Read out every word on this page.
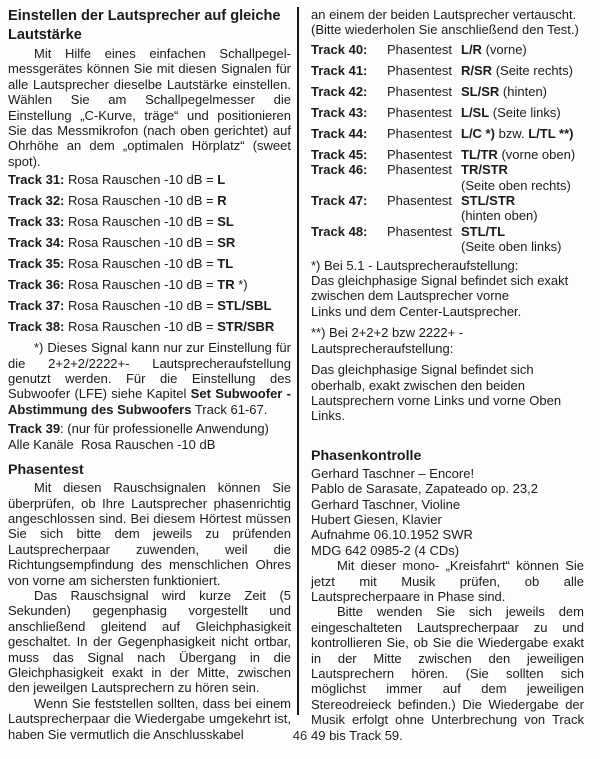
Einstellen der Lautsprecher auf gleiche
Lautstärke

Mit Hilfe eines einfachen Schallpegelmessgerätes können Sie mit diesen Signalen für alle Lautsprecher dieselbe Lautstärke einstellen. Wählen Sie am Schallpegelmesser die Einstellung „C-Kurve, träge“ und positionieren Sie das Messmikrofon (nach oben gerichtet) auf Ohrhöhe an dem „optimalen Hörplatz“ (sweet spot).

Track 31: Rosa Rauschen -10 dB = L
Track 32: Rosa Rauschen -10 dB = R
Track 33: Rosa Rauschen -10 dB = SL
Track 34: Rosa Rauschen -10 dB = SR
Track 35: Rosa Rauschen -10 dB = TL
Track 36: Rosa Rauschen -10 dB = TR *)
Track 37: Rosa Rauschen -10 dB = STL/SBL
Track 38: Rosa Rauschen -10 dB = STR/SBR

*) Dieses Signal kann nur zur Einstellung für die 2+2+2/2222+- Lautsprecheraufstellung genutzt werden. Für die Einstellung des Subwoofer (LFE) siehe Kapitel Set Subwoofer - Abstimmung des Subwoofers Track 61-67.

Track 39: (nur für professionelle Anwendung)
Alle Kanäle  Rosa Rauschen -10 dB
Phasentest

Mit diesen Rauschsignalen können Sie überprüfen, ob Ihre Lautsprecher phasenrichtig angeschlossen sind. Bei diesem Hörtest müssen Sie sich bitte dem jeweils zu prüfenden Lautsprecherpaar zuwenden, weil die Richtungsempfindung des menschlichen Ohres von vorne am sichersten funktioniert.

Das Rauschsignal wird kurze Zeit (5 Sekunden) gegenphasig vorgestellt und anschließend gleitend auf Gleichphasigkeit geschaltet. In der Gegenphasigkeit nicht ortbar, muss das Signal nach Übergang in die Gleichphasigkeit exakt in der Mitte, zwischen den jeweilgen Lautsprechern zu hören sein.

Wenn Sie feststellen sollten, dass bei einem Lautsprecherpaar die Wiedergabe umgekehrt ist, haben Sie vermutlich die Anschlusskabel

an einem der beiden Lautsprecher vertauscht.
(Bitte wiederholen Sie anschließend den Test.)
Track 40:	Phasentest L/R (vorne)
Track 41:	Phasentest R/SR (Seite rechts)
Track 42:	Phasentest SL/SR (hinten)
Track 43:	Phasentest L/SL (Seite links)
Track 44:	Phasentest L/C *) bzw. L/TL **)
Track 45:	Phasentest TL/TR (vorne oben)
Track 46:	Phasentest TR/STR
(Seite oben rechts)
Track 47:	Phasentest STL/STR
(hinten oben)
Track 48:	Phasentest STL/TL
(Seite oben links)
*) Bei 5.1 - Lautsprecheraufstellung:
Das gleichphasige Signal befindet sich exakt
zwischen dem Lautsprecher vorne
Links und dem Center-Lautsprecher.
**) Bei 2+2+2 bzw 2222+ -
Lautsprecheraufstellung:
Das gleichphasige Signal befindet sich
oberhalb, exakt zwischen den beiden
Lautsprechern vorne Links und vorne Oben
Links.
Phasenkontrolle
Gerhard Taschner – Encore!
Pablo de Sarasate, Zapateado op. 23,2
Gerhard Taschner, Violine
Hubert Giesen, Klavier
Aufnahme 06.10.1952 SWR
MDG 642 0985-2 (4 CDs)

Mit dieser mono- „Kreisfahrt“ können Sie jetzt mit Musik prüfen, ob alle Lautsprecherpaare in Phase sind.

Bitte wenden Sie sich jeweils dem eingeschalteten Lautsprecherpaar zu und kontrollieren Sie, ob Sie die Wiedergabe exakt in der Mitte zwischen den jeweiligen Lautsprechern hören. (Sie sollten sich möglichst immer auf dem jeweiligen Stereodreieck befinden.) Die Wiedergabe der Musik erfolgt ohne Unterbrechung von Track 49 bis Track 59.

46
